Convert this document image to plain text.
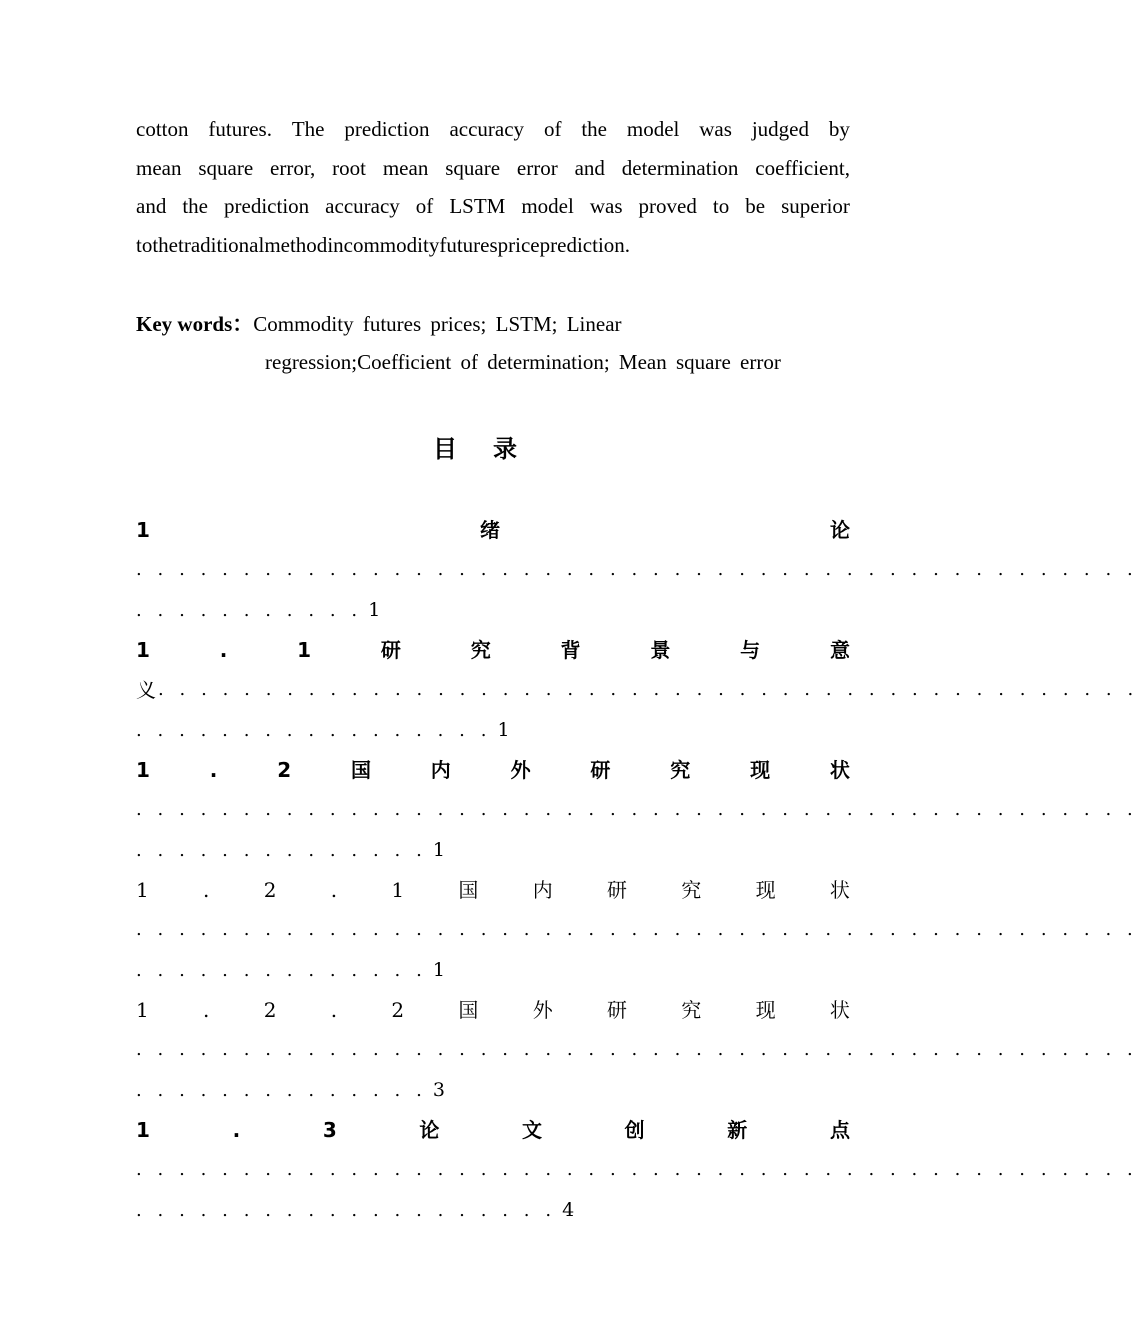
cotton futures. The prediction accuracy of the model was judged by
mean square error, root mean square error and determination coefficient,
and the prediction accuracy of LSTM model was proved to be superior
to the traditional method in commodity futures price prediction.
Key words：Commodity futures prices; LSTM; Linear
regression;Coefficient of determination; Mean square error
目 录
1	绪	论
. . . . . . . . . . . . . . . . . . . . . . . . . . . . . . . . . . . . . . . . . . . . . . .
. . . . . . . . . . . 1
1	.	1	研	究	背	景	与	意
义 . . . . . . . . . . . . . . . . . . . . . . . . . . . . . . . . . . . . . . . . . . . . . .
. . . . . . . . . . . . . . . . . 1
1	.	2	国	内	外	研	究	现	状
. . . . . . . . . . . . . . . . . . . . . . . . . . . . . . . . . . . . . . . . . . . . . . .
. . . . . . . . . . . . . . 1
1	.	2	.	1	国	内	研	究	现	状
. . . . . . . . . . . . . . . . . . . . . . . . . . . . . . . . . . . . . . . . . . . . . . .
. . . . . . . . . . . . . . 1
1	.	2	.	2	国	外	研	究	现	状
. . . . . . . . . . . . . . . . . . . . . . . . . . . . . . . . . . . . . . . . . . . . . . .
. . . . . . . . . . . . . . 3
1	.	3	论	文	创	新	点
. . . . . . . . . . . . . . . . . . . . . . . . . . . . . . . . . . . . . . . . . . . . . . .
. . . . . . . . . . . . . . . . . . . . 4
